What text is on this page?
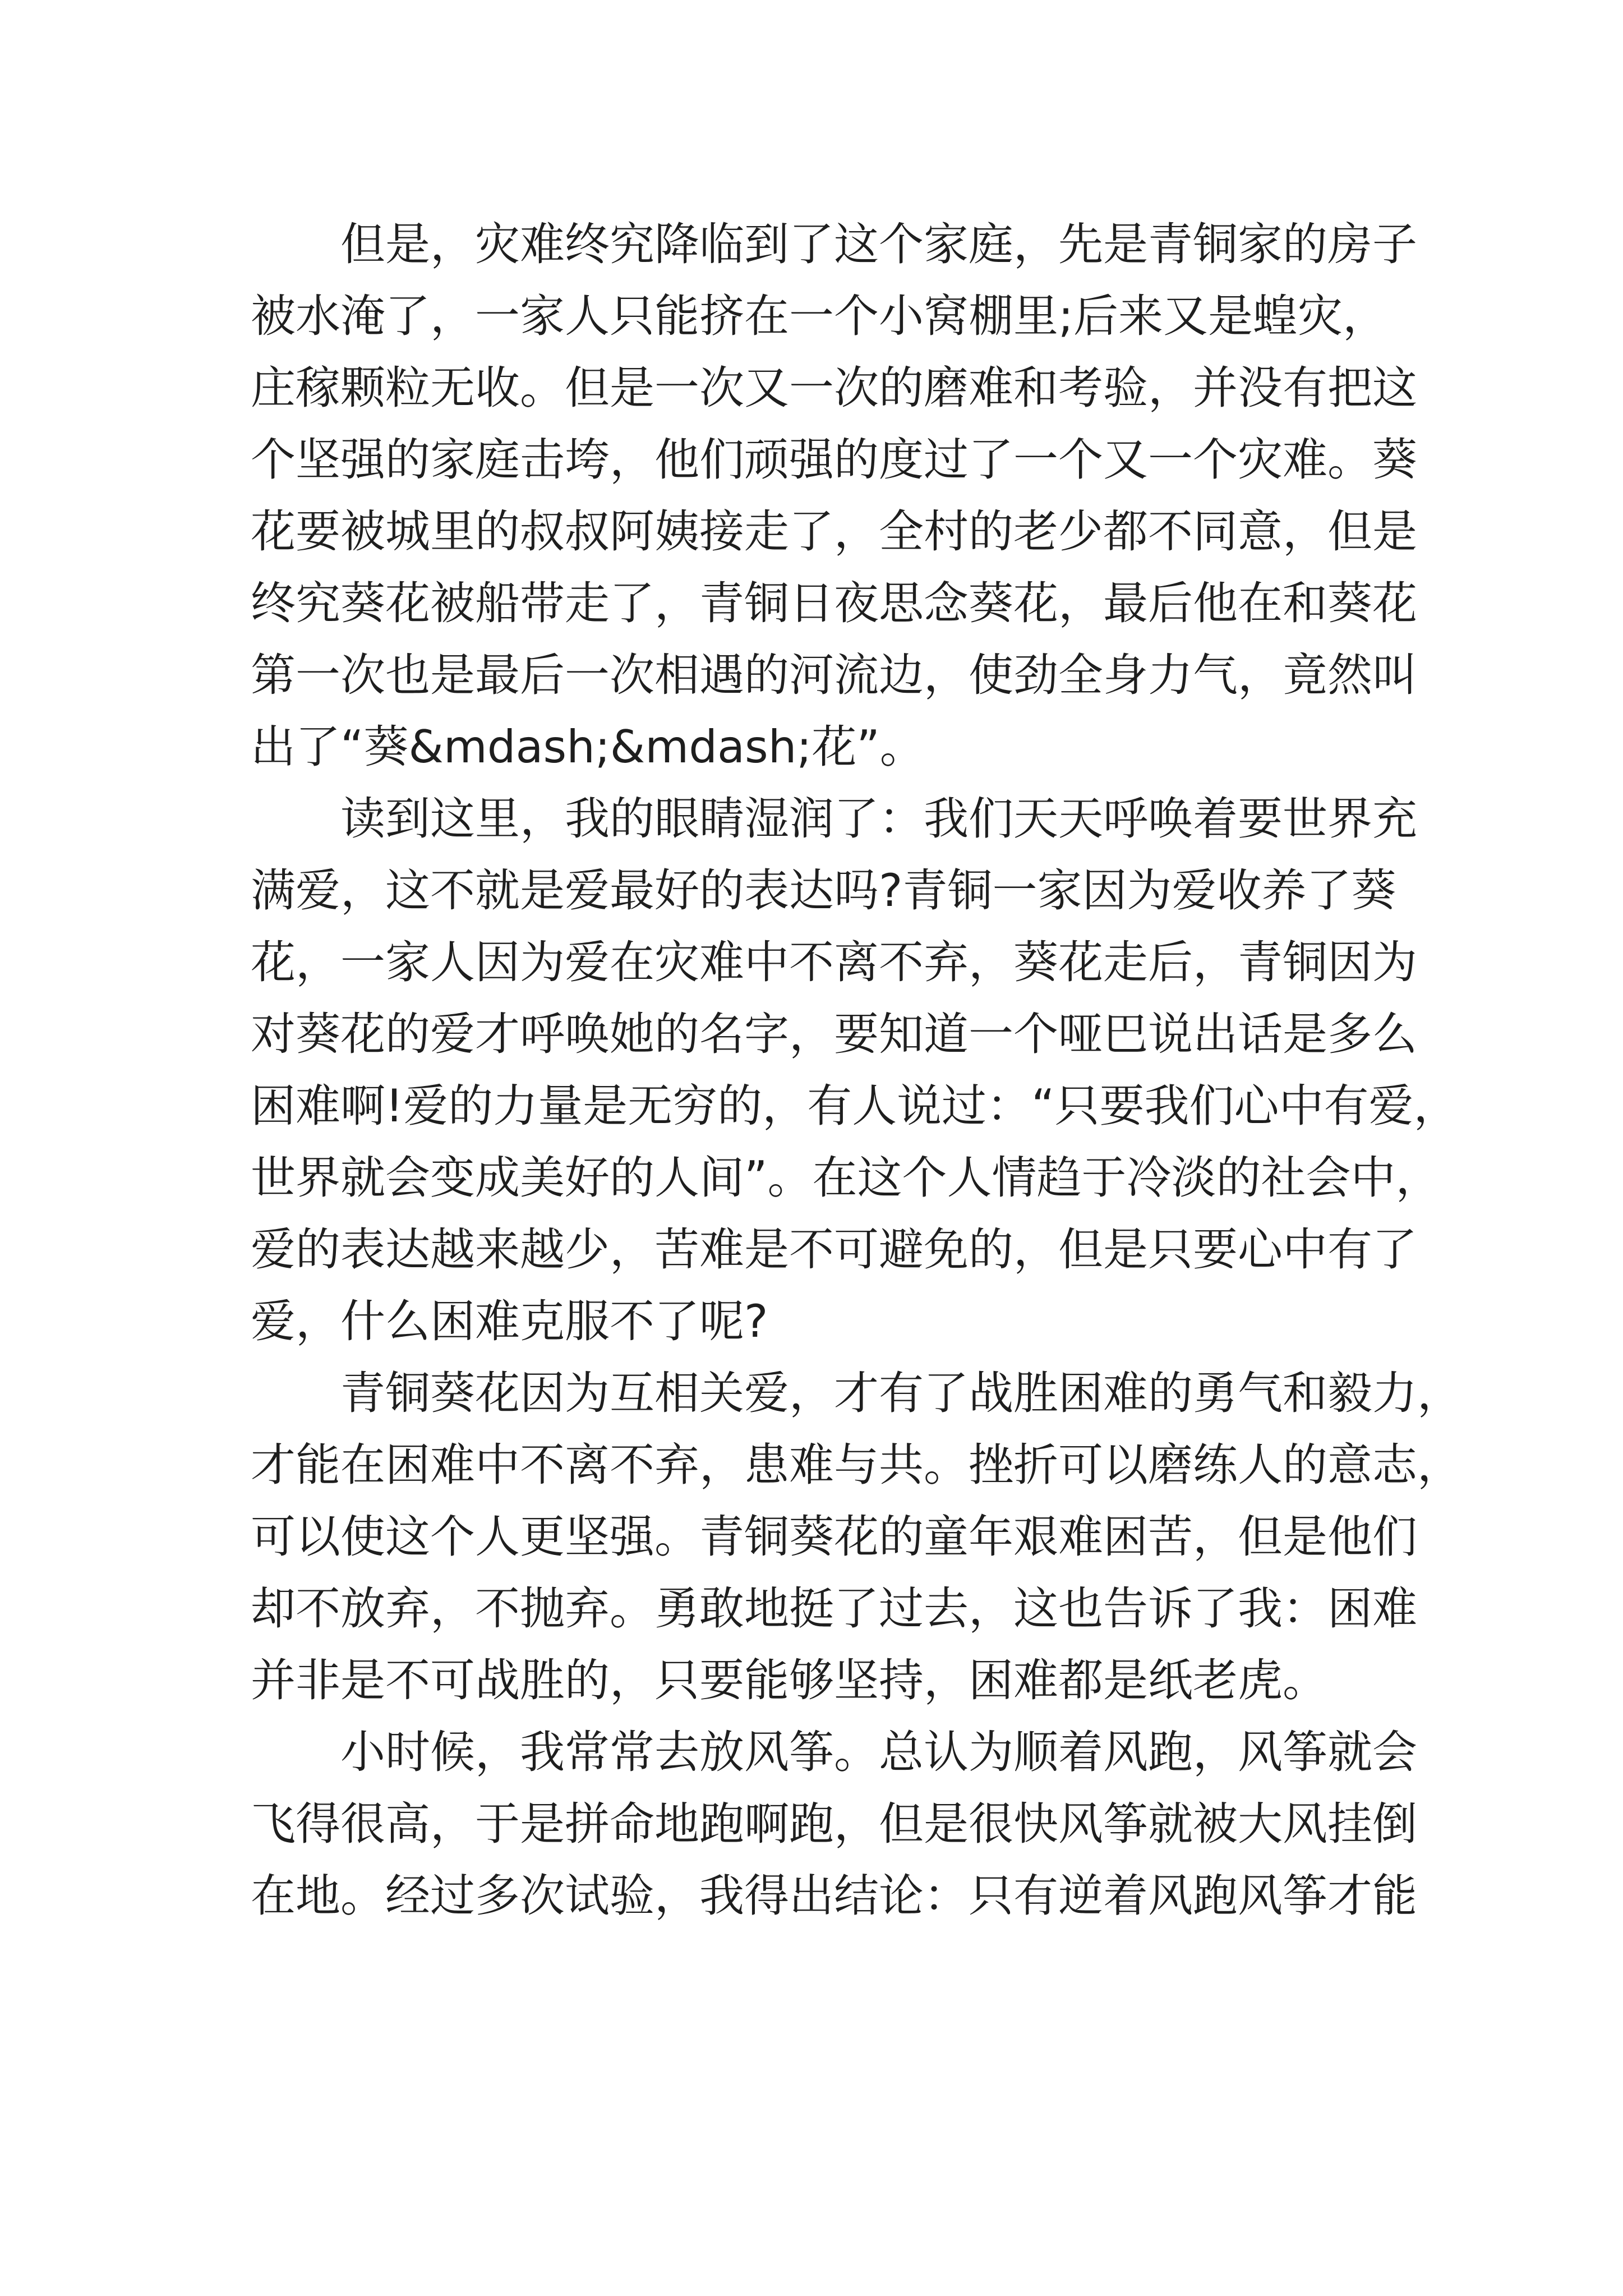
　　但是，灾难终究降临到了这个家庭，先是青铜家的房子
被水淹了，一家人只能挤在一个小窝棚里;后来又是蝗灾，
庄稼颗粒无收。但是一次又一次的磨难和考验，并没有把这
个坚强的家庭击垮，他们顽强的度过了一个又一个灾难。葵
花要被城里的叔叔阿姨接走了，全村的老少都不同意，但是
终究葵花被船带走了，青铜日夜思念葵花，最后他在和葵花
第一次也是最后一次相遇的河流边，使劲全身力气，竟然叫
出了“葵&mdash;&mdash;花”。
　　读到这里，我的眼睛湿润了：我们天天呼唤着要世界充
满爱，这不就是爱最好的表达吗?青铜一家因为爱收养了葵
花，一家人因为爱在灾难中不离不弃，葵花走后，青铜因为
对葵花的爱才呼唤她的名字，要知道一个哑巴说出话是多么
困难啊!爱的力量是无穷的，有人说过：“只要我们心中有爱，
世界就会变成美好的人间”。在这个人情趋于冷淡的社会中，
爱的表达越来越少，苦难是不可避免的，但是只要心中有了
爱，什么困难克服不了呢?
　　青铜葵花因为互相关爱，才有了战胜困难的勇气和毅力，
才能在困难中不离不弃，患难与共。挫折可以磨练人的意志，
可以使这个人更坚强。青铜葵花的童年艰难困苦，但是他们
却不放弃，不抛弃。勇敢地挺了过去，这也告诉了我：困难
并非是不可战胜的，只要能够坚持，困难都是纸老虎。
　　小时候，我常常去放风筝。总认为顺着风跑，风筝就会
飞得很高，于是拼命地跑啊跑，但是很快风筝就被大风挂倒
在地。经过多次试验，我得出结论：只有逆着风跑风筝才能
